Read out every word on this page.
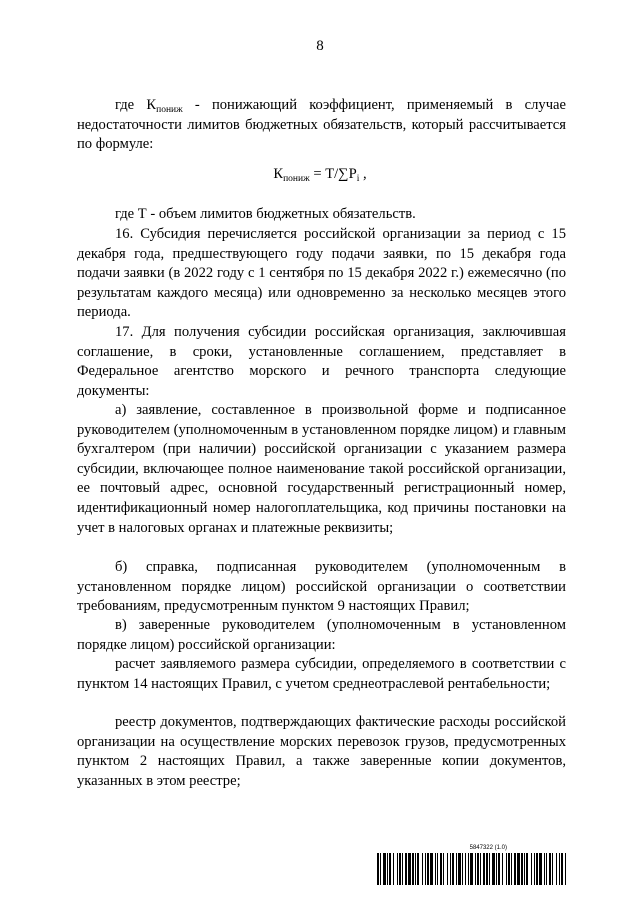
8

где $К_{пониж}$ - понижающий коэффициент, применяемый в случае недостаточности лимитов бюджетных обязательств, который рассчитывается по формуле:

$К_{пониж} = Т/\sum P_i$ ,

где Т - объем лимитов бюджетных обязательств.

16. Субсидия перечисляется российской организации за период с 15 декабря года, предшествующего году подачи заявки, по 15 декабря года подачи заявки (в 2022 году с 1 сентября по 15 декабря 2022 г.) ежемесячно (по результатам каждого месяца) или одновременно за несколько месяцев этого периода.

17. Для получения субсидии российская организация, заключившая соглашение, в сроки, установленные соглашением, представляет в Федеральное агентство морского и речного транспорта следующие документы:

а) заявление, составленное в произвольной форме и подписанное руководителем (уполномоченным в установленном порядке лицом) и главным бухгалтером (при наличии) российской организации с указанием размера субсидии, включающее полное наименование такой российской организации, ее почтовый адрес, основной государственный регистрационный номер, идентификационный номер налогоплательщика, код причины постановки на учет в налоговых органах и платежные реквизиты;

б) справка, подписанная руководителем (уполномоченным в установленном порядке лицом) российской организации о соответствии требованиям, предусмотренным пунктом 9 настоящих Правил;

в) заверенные руководителем (уполномоченным в установленном порядке лицом) российской организации:

расчет заявляемого размера субсидии, определяемого в соответствии с пунктом 14 настоящих Правил, с учетом среднеотраслевой рентабельности;

реестр документов, подтверждающих фактические расходы российской организации на осуществление морских перевозок грузов, предусмотренных пунктом 2 настоящих Правил, а также заверенные копии документов, указанных в этом реестре;

5847322 (1.0)
